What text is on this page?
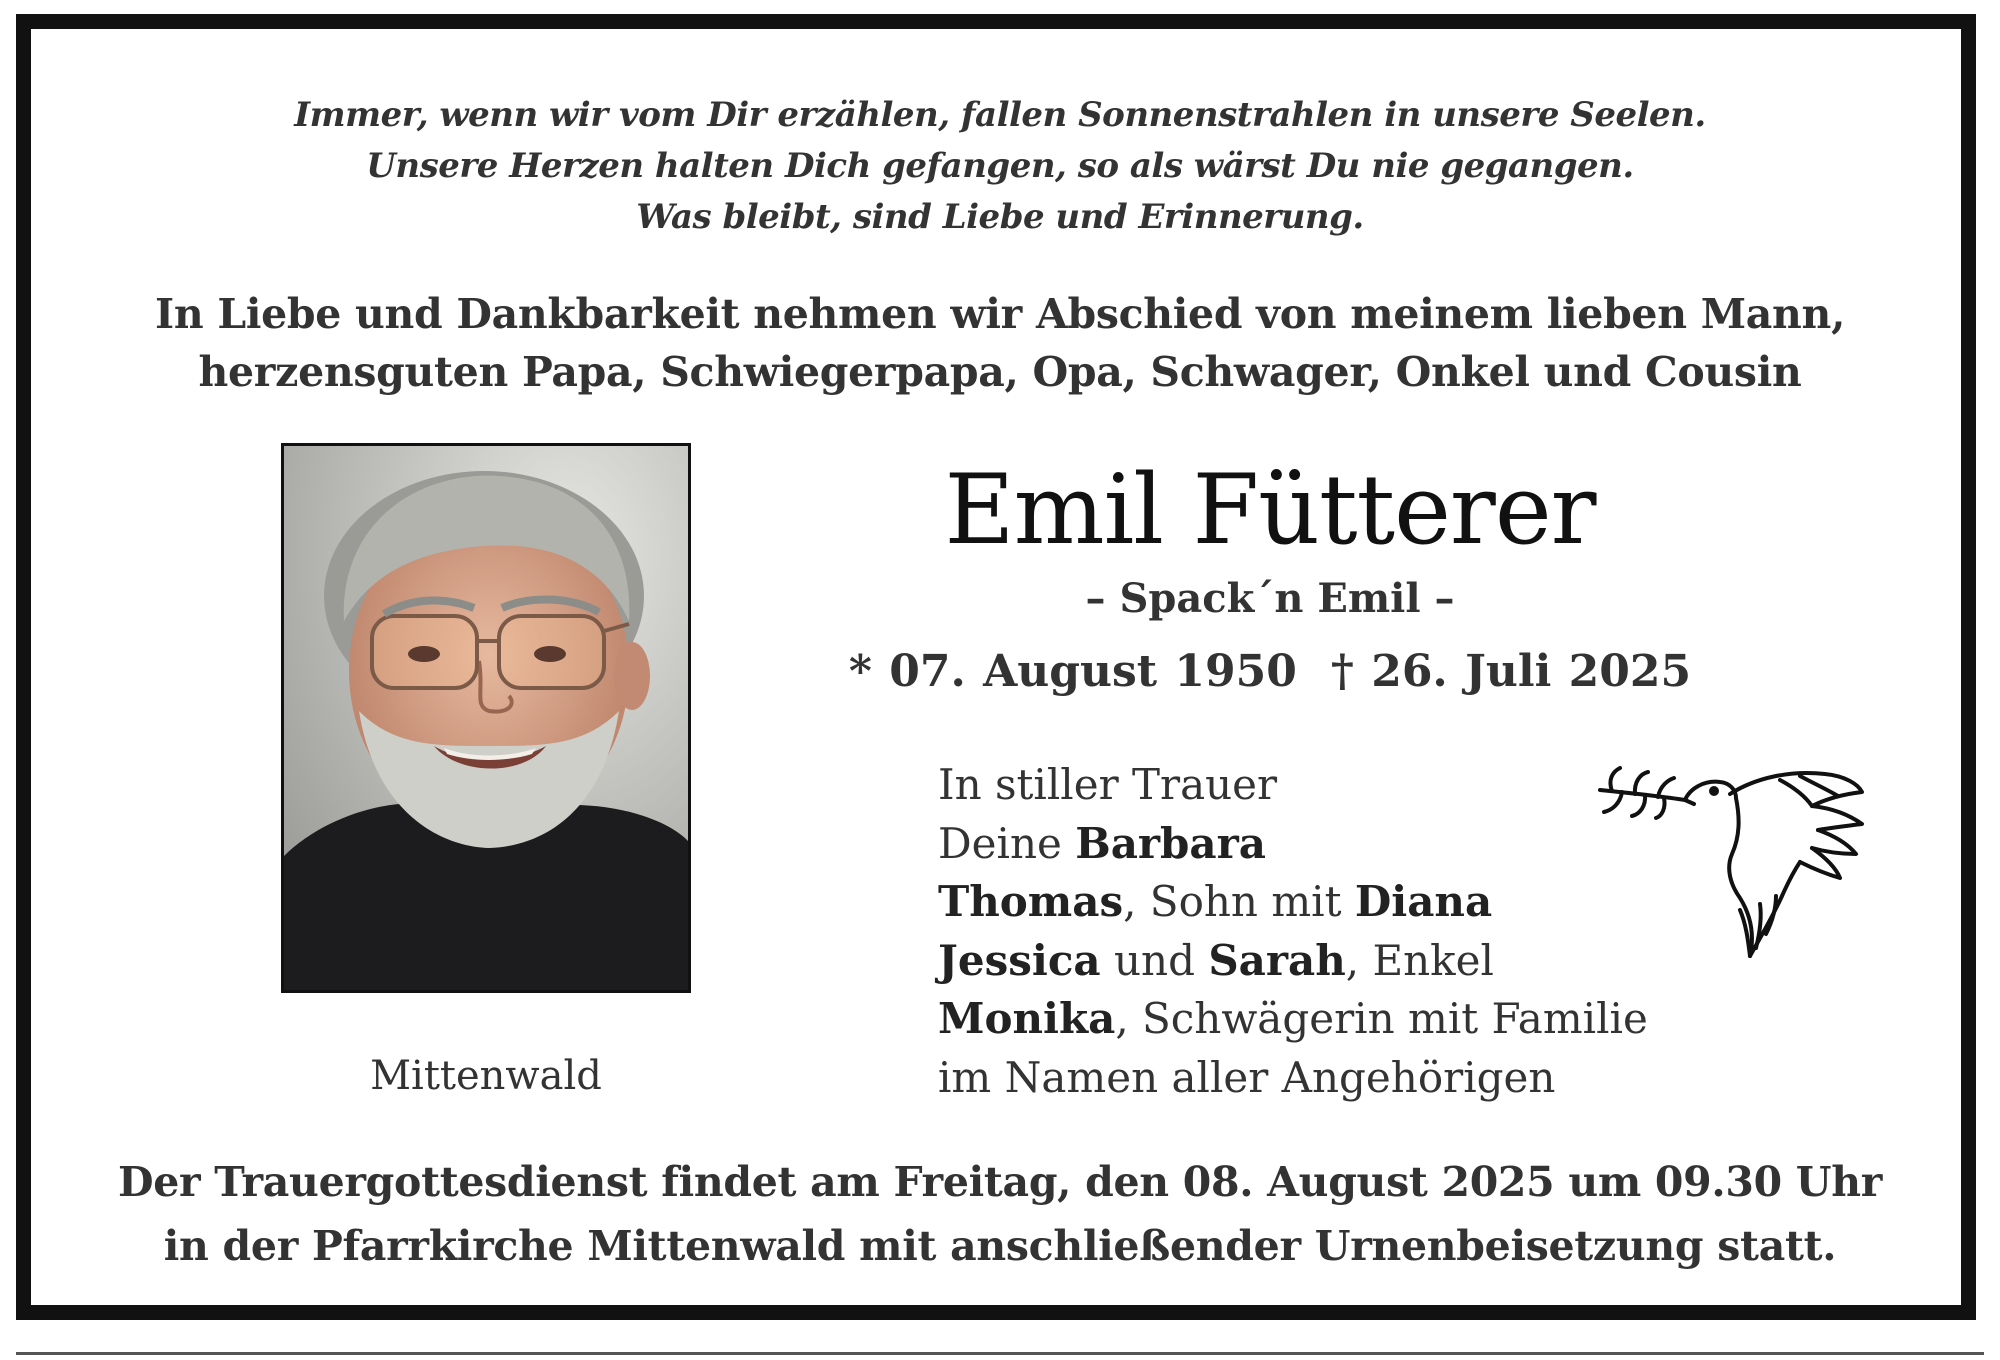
Immer, wenn wir vom Dir erzählen, fallen Sonnenstrahlen in unsere Seelen.
Unsere Herzen halten Dich gefangen, so als wärst Du nie gegangen.
Was bleibt, sind Liebe und Erinnerung.
In Liebe und Dankbarkeit nehmen wir Abschied von meinem lieben Mann,
herzensguten Papa, Schwiegerpapa, Opa, Schwager, Onkel und Cousin
Mittenwald
Emil Fütterer
– Spack´n Emil –
* 07. August 1950 † 26. Juli 2025
In stiller Trauer
Deine Barbara
Thomas, Sohn mit Diana
Jessica und Sarah, Enkel
Monika, Schwägerin mit Familie
im Namen aller Angehörigen
Der Trauergottesdienst findet am Freitag, den 08. August 2025 um 09.30 Uhr
in der Pfarrkirche Mittenwald mit anschließender Urnenbeisetzung statt.
